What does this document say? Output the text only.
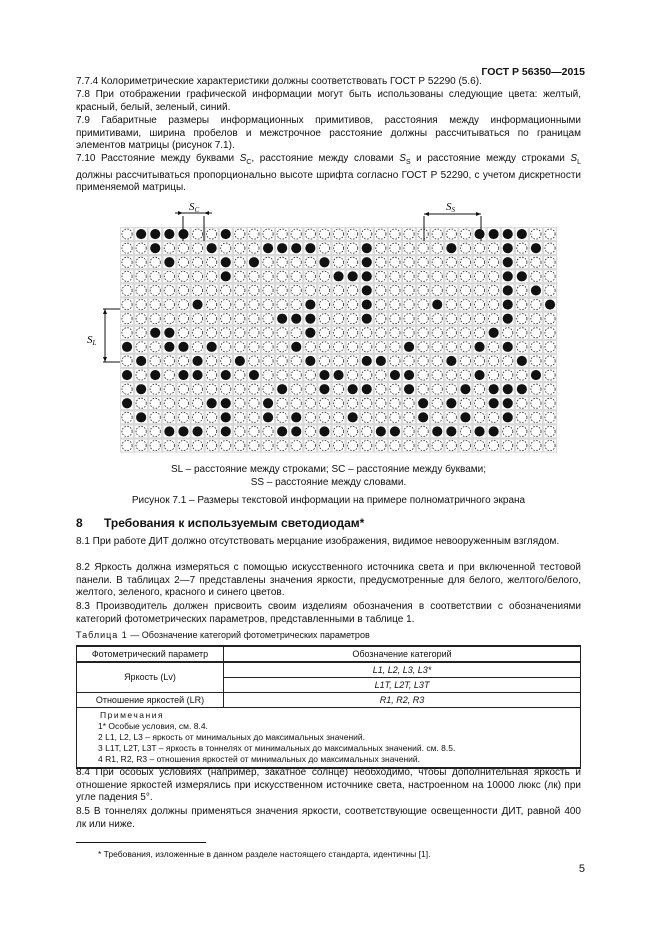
ГОСТ Р 56350—2015

7.7.4 Колориметрические характеристики должны соответствовать ГОСТ Р 52290 (5.6).

7.8 При отображении графической информации могут быть использованы следующие цвета: желтый, красный, белый, зеленый, синий.

7.9 Габаритные размеры информационных примитивов, расстояния между информационными примитивами, ширина пробелов и межстрочное расстояние должны рассчитываться по границам элементов матрицы (рисунок 7.1).

7.10 Расстояние между буквами $S_C$, расстояние между словами $S_S$ и расстояние между строками $S_L$ должны рассчитываться пропорционально высоте шрифта согласно ГОСТ Р 52290, с учетом дискретности применяемой матрицы.

SC	SS
SL
SL – расстояние между строками; SC – расстояние между буквами;
SS – расстояние между словами.
Рисунок 7.1 – Размеры текстовой информации на примере полноматричного экрана
8 Требования к используемым светодиодам*

8.1 При работе ДИТ должно отсутствовать мерцание изображения, видимое невооруженным взглядом.

8.2 Яркость должна измеряться с помощью искусственного источника света и при включенной тестовой панели. В таблицах 2—7 представлены значения яркости, предусмотренные для белого, желтого/белого, желтого, зеленого, красного и синего цветов.

8.3 Производитель должен присвоить своим изделиям обозначения в соответствии с обозначениями категорий фотометрических параметров, представленными в таблице 1.

Таблица 1 — Обозначение категорий фотометрических параметров
Фотометрический параметр	Обозначение категорий
Яркость (Lv)	L1, L2, L3, L3*
	L1T, L2T, L3T
Отношение яркостей (LR)	R1, R2, R3

Примечания
1* Особые условия, см. 8.4.
2 L1, L2, L3 – яркость от минимальных до максимальных значений.
3 L1T, L2T, L3T – яркость в тоннелях от минимальных до максимальных значений. см. 8.5.
4 R1, R2, R3 – отношения яркостей от минимальных до максимальных значений.	

8.4 При особых условиях (например, закатное солнце) необходимо, чтобы дополнительная яркость и отношение яркостей измерялись при искусственном источнике света, настроенном на 10000 люкс (лк) при угле падения 5°.

8.5 В тоннелях должны применяться значения яркости, соответствующие освещенности ДИТ, равной 400 лк или ниже.

* Требования, изложенные в данном разделе настоящего стандарта, идентичны [1].
5
